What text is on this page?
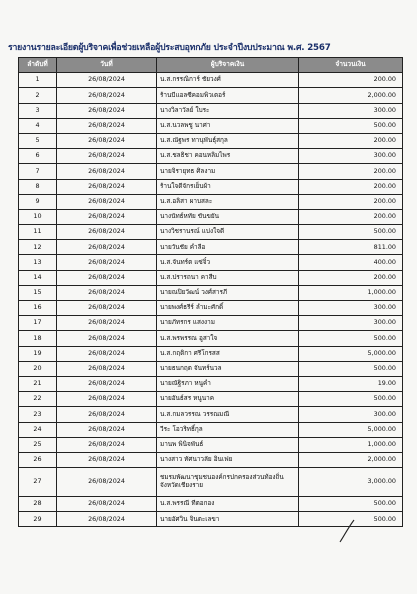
รายงานรายละเอียดผู้บริจาคเพื่อช่วยเหลือผู้ประสบอุทกภัย ประจำปีงบประมาณ พ.ศ. 2567
ลำดับที่	วันที่	ผู้บริจาคเงิน	จำนวนเงิน
1	26/08/2024	น.ส.กรรณิการ์ ชัยวงศ์	200.00
2	26/08/2024	ร้านบีแอลซีคอมพิวเตอร์	2,000.00
3	26/08/2024	นางวิลาวัลย์ ใบระ	300.00
4	26/08/2024	น.ส.นวลพชู นาศา	500.00
5	26/08/2024	น.ส.ณัฐพร ทานุพันธุ์สกุล	200.00
6	26/08/2024	น.ส.ชลธิชา คอนหลิมไพร	300.00
7	26/08/2024	นายจิรายุทธ ศิลงาม	200.00
8	26/08/2024	ร้านใจดีจักรเย็บผ้า	200.00
9	26/08/2024	น.ส.อลิสา ผาบสละ	200.00
10	26/08/2024	นางนัทธ์หทัย ขันขยัน	200.00
11	26/08/2024	นางวิชรานรณ์ แบ่งใจดี	500.00
12	26/08/2024	นายวันชัย คำลือ	811.00
13	26/08/2024	น.ส.จันทร์ต แซ่จิ๋ว	400.00
14	26/08/2024	น.ส.ปรารถนา คาสืบ	200.00
15	26/08/2024	นายณปิยวัฒน์ วงศ์สารภี	1,000.00
16	26/08/2024	นายพงศ์ธรีร์ ลำมะศักดิ์	300.00
17	26/08/2024	นายภัทรกร แสงงาม	300.00
18	26/08/2024	น.ส.พรพรรณ อูสาใจ	500.00
19	26/08/2024	น.ส.กฤติกา ศรีโกรสส	5,000.00
20	26/08/2024	นายธนกฤต จันทร์นวล	500.00
21	26/08/2024	นายณัฐิรภา หนูคำ	19.00
22	26/08/2024	นายอันธ์สร หนูนาค	500.00
23	26/08/2024	น.ส.กมลวรรณ วรรณมณี	300.00
24	26/08/2024	วีระ โอวริทธิ์กุล	5,000.00
25	26/08/2024	มานพ พินิจพันธ์	1,000.00
26	26/08/2024	นางสาว ทัศนาวลัย อินเฟย	2,000.00
27	26/08/2024	ชมรมพัฒนาชุมชนองค์กรปกครองส่วนท้องถิ่นจังหวัดเชียงราย	3,000.00
28	26/08/2024	น.ส.พรรณี ทีตอกอง	500.00
29	26/08/2024	นายอัศวิน จินตะเลขา	500.00
